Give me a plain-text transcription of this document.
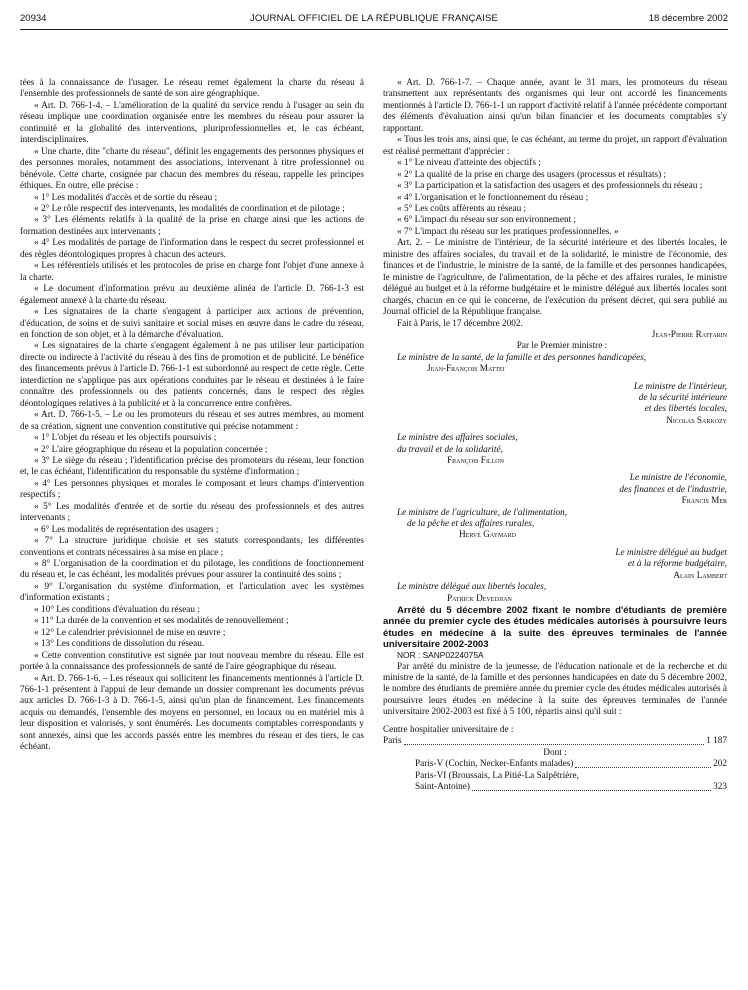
20934	JOURNAL OFFICIEL DE LA RÉPUBLIQUE FRANÇAISE	18 décembre 2002

tées à la connaissance de l'usager. Le réseau remet également la charte du réseau à l'ensemble des professionnels de santé de son aire géographique.

« Art. D. 766-1-4. – L'amélioration de la qualité du service rendu à l'usager au sein du réseau implique une coordination organisée entre les membres du réseau pour assurer la continuité et la globalité des interventions, pluriprofessionnelles et, le cas échéant, interdisciplinaires.

« Une charte, dite "charte du réseau", définit les engagements des personnes physiques et des personnes morales, notamment des associations, intervenant à titre professionnel ou bénévole. Cette charte, cosignée par chacun des membres du réseau, rappelle les principes éthiques. En outre, elle précise :

« 1° Les modalités d'accès et de sortie du réseau ;

« 2° Le rôle respectif des intervenants, les modalités de coordination et de pilotage ;

« 3° Les éléments relatifs à la qualité de la prise en charge ainsi que les actions de formation destinées aux intervenants ;

« 4° Les modalités de partage de l'information dans le respect du secret professionnel et des règles déontologiques propres à chacun des acteurs.

« Les référentiels utilisés et les protocoles de prise en charge font l'objet d'une annexe à la charte.

« Le document d'information prévu au deuxième alinéa de l'article D. 766-1-3 est également annexé à la charte du réseau.

« Les signataires de la charte s'engagent à participer aux actions de prévention, d'éducation, de soins et de suivi sanitaire et social mises en œuvre dans le cadre du réseau, en fonction de son objet, et à la démarche d'évaluation.

« Les signataires de la charte s'engagent également à ne pas utiliser leur participation directe ou indirecte à l'activité du réseau à des fins de promotion et de publicité. Le bénéfice des financements prévus à l'article D. 766-1-1 est subordonné au respect de cette règle. Cette interdiction ne s'applique pas aux opérations conduites par le réseau et destinées à le faire connaître des professionnels ou des patients concernés, dans le respect des règles déontologiques relatives à la publicité et à la concurrence entre confrères.

« Art. D. 766-1-5. – Le ou les promoteurs du réseau et ses autres membres, au moment de sa création, signent une convention constitutive qui précise notamment :

« 1° L'objet du réseau et les objectifs poursuivis ;

« 2° L'aire géographique du réseau et la population concernée ;

« 3° Le siège du réseau ; l'identification précise des promoteurs du réseau, leur fonction et, le cas échéant, l'identification du responsable du système d'information ;

« 4° Les personnes physiques et morales le composant et leurs champs d'intervention respectifs ;

« 5° Les modalités d'entrée et de sortie du réseau des professionnels et des autres intervenants ;

« 6° Les modalités de représentation des usagers ;

« 7° La structure juridique choisie et ses statuts correspondants, les différentes conventions et contrats nécessaires à sa mise en place ;

« 8° L'organisation de la coordination et du pilotage, les conditions de fonctionnement du réseau et, le cas échéant, les modalités prévues pour assurer la continuité des soins ;

« 9° L'organisation du système d'information, et l'articulation avec les systèmes d'information existants ;

« 10° Les conditions d'évaluation du réseau ;

« 11° La durée de la convention et ses modalités de renouvellement ;

« 12° Le calendrier prévisionnel de mise en œuvre ;

« 13° Les conditions de dissolution du réseau.

« Cette convention constitutive est signée par tout nouveau membre du réseau. Elle est portée à la connaissance des professionnels de santé de l'aire géographique du réseau.

« Art. D. 766-1-6. – Les réseaux qui sollicitent les financements mentionnés à l'article D. 766-1-1 présentent à l'appui de leur demande un dossier comprenant les documents prévus aux articles D. 766-1-3 à D. 766-1-5, ainsi qu'un plan de financement. Les financements acquis ou demandés, l'ensemble des moyens en personnel, en locaux ou en matériel mis à leur disposition et valorisés, y sont énumérés. Les documents comptables correspondants y sont annexés, ainsi que les accords passés entre les membres du réseau et des tiers, le cas échéant.

« Art. D. 766-1-7. – Chaque année, avant le 31 mars, les promoteurs du réseau transmettent aux représentants des organismes qui leur ont accordé les financements mentionnés à l'article D. 766-1-1 un rapport d'activité relatif à l'année précédente comportant des éléments d'évaluation ainsi qu'un bilan financier et les documents comptables s'y rapportant.

« Tous les trois ans, ainsi que, le cas échéant, au terme du projet, un rapport d'évaluation est réalisé permettant d'apprécier :

« 1° Le niveau d'atteinte des objectifs ;

« 2° La qualité de la prise en charge des usagers (processus et résultats) ;

« 3° La participation et la satisfaction des usagers et des professionnels du réseau ;

« 4° L'organisation et le fonctionnement du réseau ;

« 5° Les coûts afférents au réseau ;

« 6° L'impact du réseau sur son environnement ;

« 7° L'impact du réseau sur les pratiques professionnelles. »

Art. 2. – Le ministre de l'intérieur, de la sécurité intérieure et des libertés locales, le ministre des affaires sociales, du travail et de la solidarité, le ministre de l'économie, des finances et de l'industrie, le ministre de la santé, de la famille et des personnes handicapées, le ministre de l'agriculture, de l'alimentation, de la pêche et des affaires rurales, le ministre délégué au budget et à la réforme budgétaire et le ministre délégué aux libertés locales sont chargés, chacun en ce qui le concerne, de l'exécution du présent décret, qui sera publié au Journal officiel de la République française.

Fait à Paris, le 17 décembre 2002.

Jean-Pierre Raffarin

Par le Premier ministre :

Le ministre de la santé, de la famille et des personnes handicapées,

Jean-François Mattei

Le ministre de l'intérieur,

de la sécurité intérieure

et des libertés locales,

Nicolas Sarkozy

Le ministre des affaires sociales,

du travail et de la solidarité,

François Fillon

Le ministre de l'économie,

des finances et de l'industrie,

Francis Mer

Le ministre de l'agriculture, de l'alimentation,

de la pêche et des affaires rurales,

Hervé Gaymard

Le ministre délégué au budget

et à la réforme budgétaire,

Alain Lambert

Le ministre délégué aux libertés locales,

Patrick Devedjian

Arrêté du 5 décembre 2002 fixant le nombre d'étudiants de première année du premier cycle des études médicales autorisés à poursuivre leurs études en médecine à la suite des épreuves terminales de l'année universitaire 2002-2003

NOR : SANP0224075A

Par arrêté du ministre de la jeunesse, de l'éducation nationale et de la recherche et du ministre de la santé, de la famille et des personnes handicapées en date du 5 décembre 2002, le nombre des étudiants de première année du premier cycle des études médicales autorisés à poursuivre leurs études en médecine à la suite des épreuves terminales de l'année universitaire 2002-2003 est fixé à 5 100, répartis ainsi qu'il suit :

Centre hospitalier universitaire de :

Paris	1 187

Dont :

Paris-V (Cochin, Necker-Enfants malades)	202

Paris-VI (Broussais, La Pitié-La Salpêtrière,

Saint-Antoine)	323
